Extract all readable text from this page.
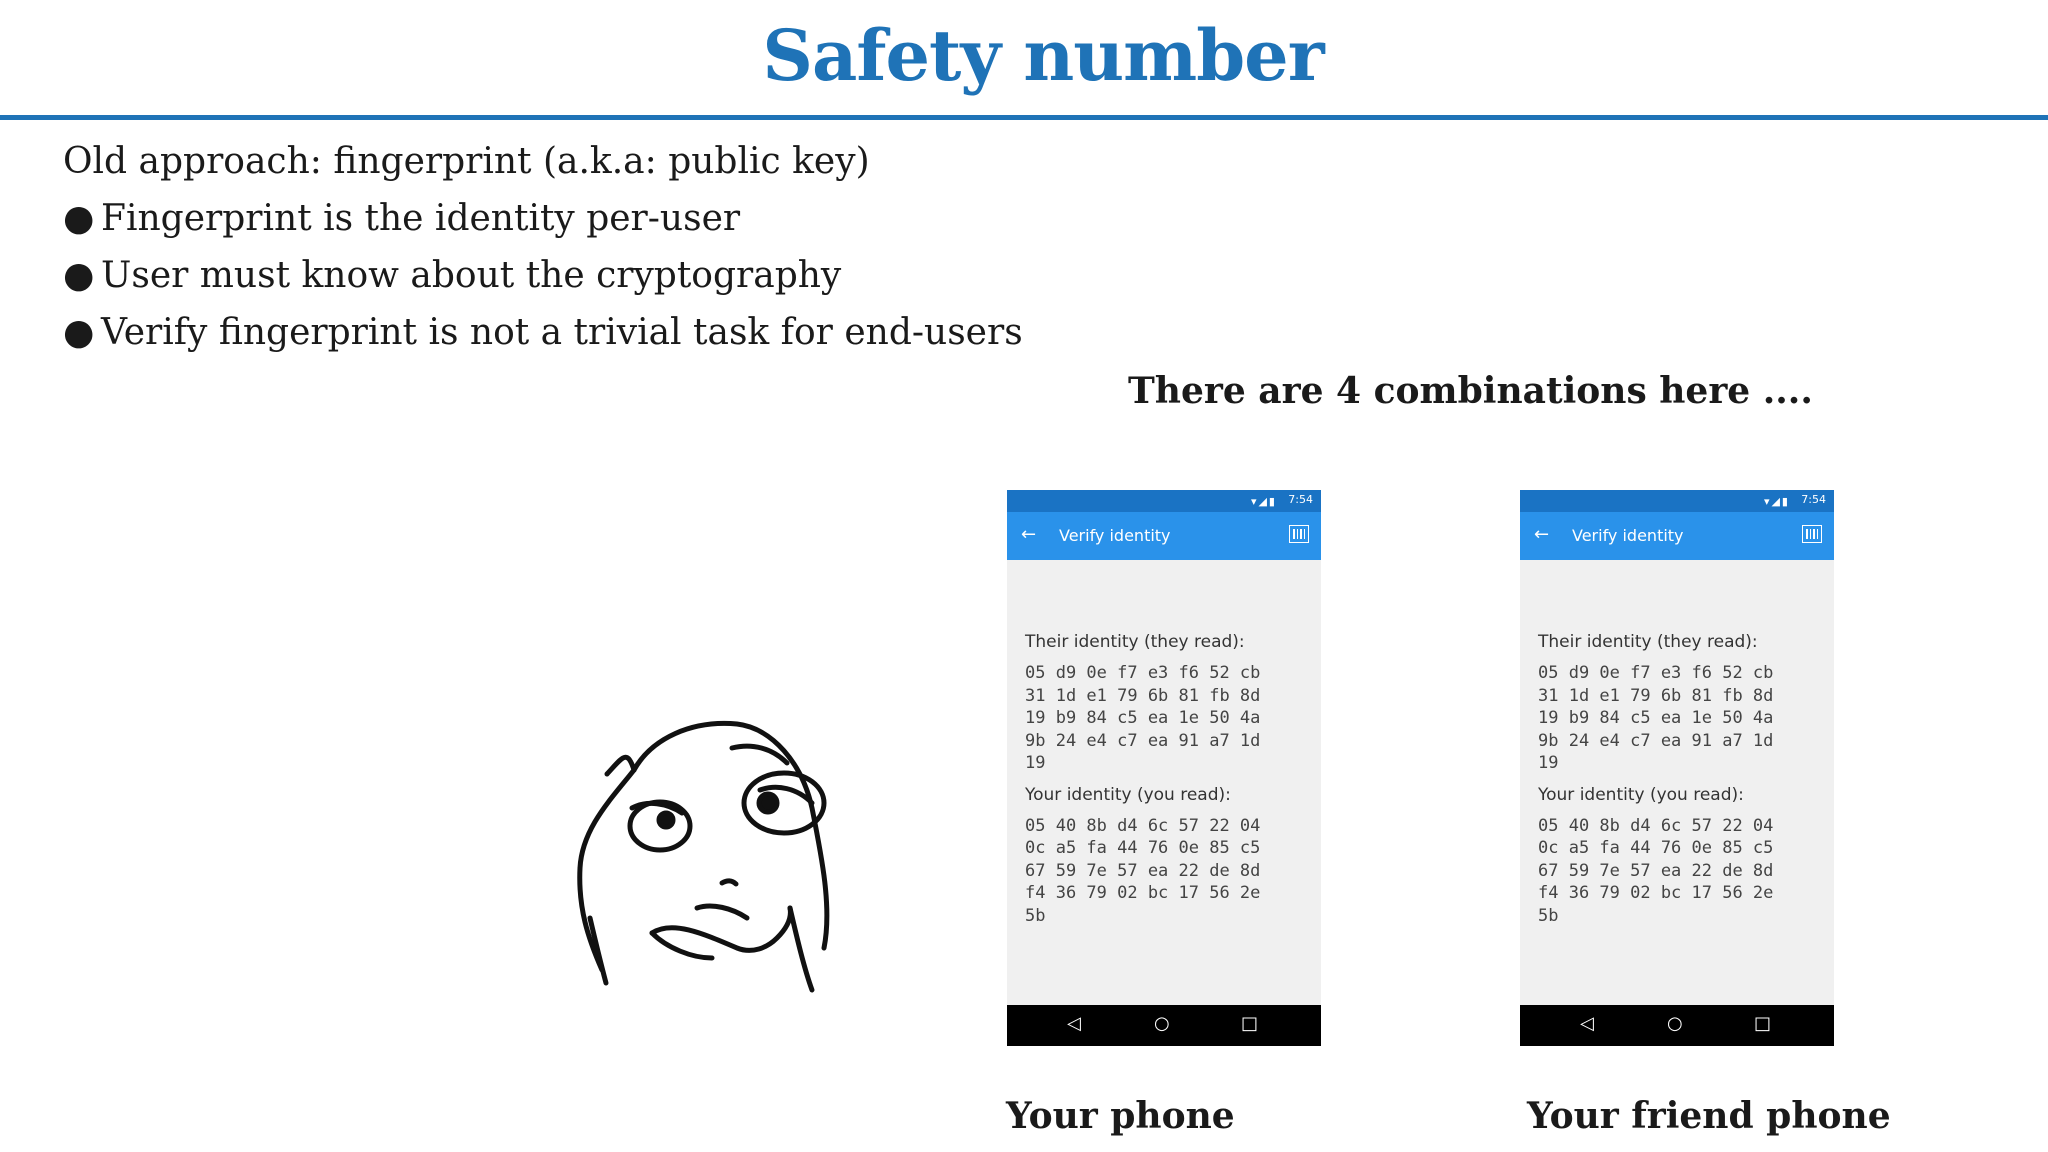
Safety number
Old approach: fingerprint (a.k.a: public key)
● Fingerprint is the identity per-user
● User must know about the cryptography
● Verify fingerprint is not a trivial task for end-users
There are 4 combinations here ....
▾◢▮ 7:54
← Verify identity
Their identity (they read):
05 d9 0e f7 e3 f6 52 cb
31 1d e1 79 6b 81 fb 8d
19 b9 84 c5 ea 1e 50 4a
9b 24 e4 c7 ea 91 a7 1d
19
Your identity (you read):
05 40 8b d4 6c 57 22 04
0c a5 fa 44 76 0e 85 c5
67 59 7e 57 ea 22 de 8d
f4 36 79 02 bc 17 56 2e
5b
◁	○	□
▾◢▮ 7:54
← Verify identity
Their identity (they read):
05 d9 0e f7 e3 f6 52 cb
31 1d e1 79 6b 81 fb 8d
19 b9 84 c5 ea 1e 50 4a
9b 24 e4 c7 ea 91 a7 1d
19
Your identity (you read):
05 40 8b d4 6c 57 22 04
0c a5 fa 44 76 0e 85 c5
67 59 7e 57 ea 22 de 8d
f4 36 79 02 bc 17 56 2e
5b
◁	○	□
Your phone	Your friend phone
